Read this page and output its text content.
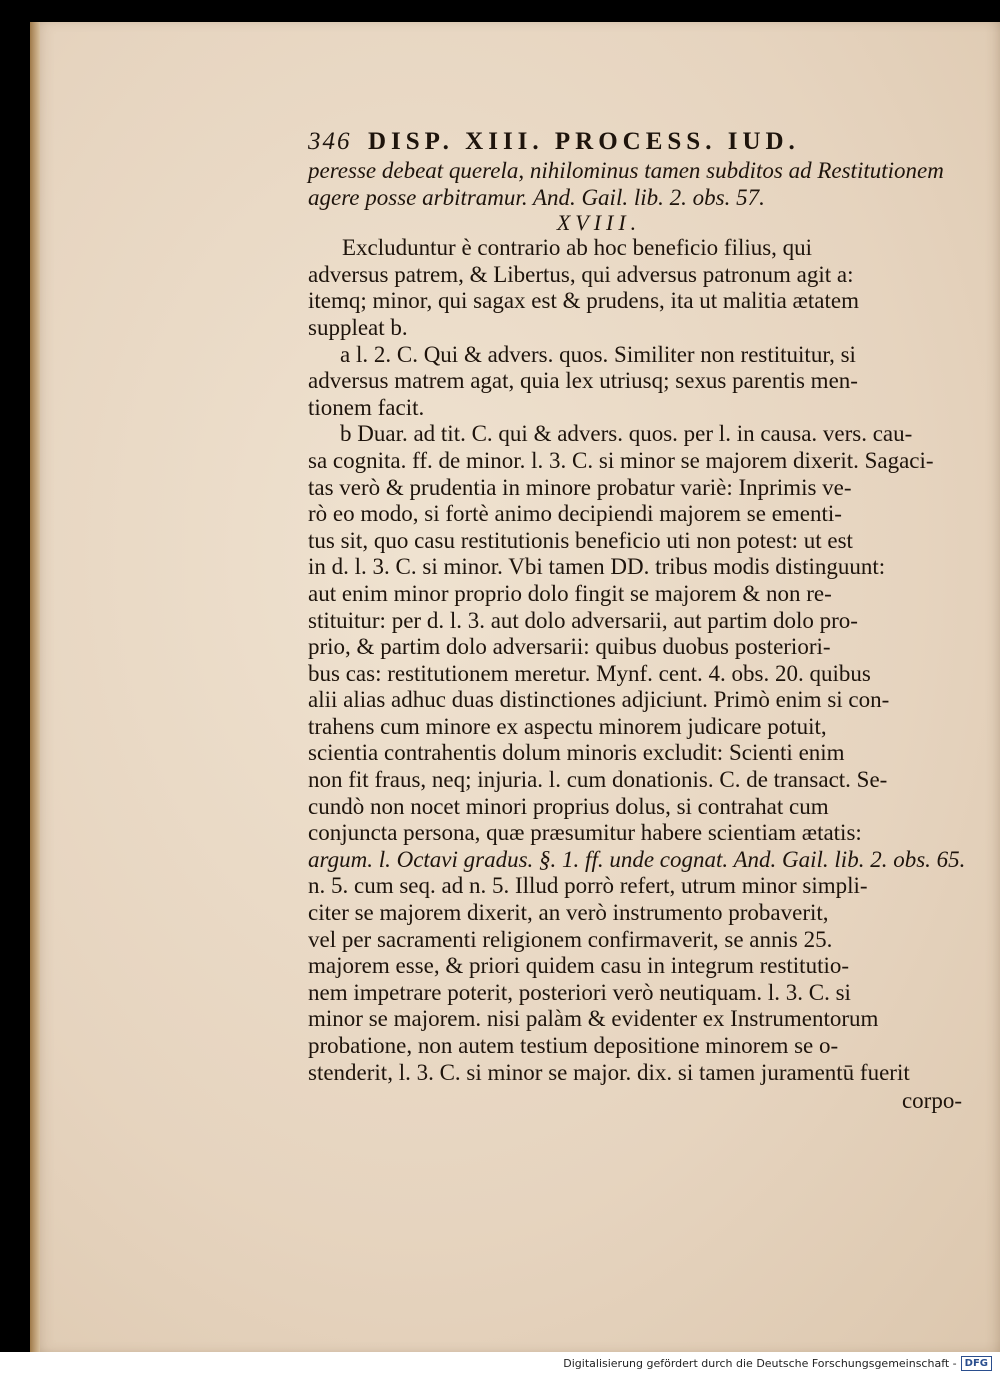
346 DISP. XIII. PROCESS. IUD.
peresse debeat querela, nihilominus tamen subditos ad Restitutionem
agere posse arbitramur. And. Gail. lib. 2. obs. 57.
XVIII.
Excluduntur è contrario ab hoc beneficio filius, qui
adversus patrem, & Libertus, qui adversus patronum agit a:
itemq; minor, qui sagax est & prudens, ita ut malitia ætatem
suppleat b.
a l. 2. C. Qui & advers. quos. Similiter non restituitur, si
adversus matrem agat, quia lex utriusq; sexus parentis men-
tionem facit.
b Duar. ad tit. C. qui & advers. quos. per l. in causa. vers. cau-
sa cognita. ff. de minor. l. 3. C. si minor se majorem dixerit. Sagaci-
tas verò & prudentia in minore probatur variè: Inprimis ve-
rò eo modo, si fortè animo decipiendi majorem se ementi-
tus sit, quo casu restitutionis beneficio uti non potest: ut est
in d. l. 3. C. si minor. Vbi tamen DD. tribus modis distinguunt:
aut enim minor proprio dolo fingit se majorem & non re-
stituitur: per d. l. 3. aut dolo adversarii, aut partim dolo pro-
prio, & partim dolo adversarii: quibus duobus posteriori-
bus cas: restitutionem meretur. Mynf. cent. 4. obs. 20. quibus
alii alias adhuc duas distinctiones adjiciunt. Primò enim si con-
trahens cum minore ex aspectu minorem judicare potuit,
scientia contrahentis dolum minoris excludit: Scienti enim
non fit fraus, neq; injuria. l. cum donationis. C. de transact. Se-
cundò non nocet minori proprius dolus, si contrahat cum
conjuncta persona, quæ præsumitur habere scientiam ætatis:
argum. l. Octavi gradus. §. 1. ff. unde cognat. And. Gail. lib. 2. obs. 65.
n. 5. cum seq. ad n. 5. Illud porrò refert, utrum minor simpli-
citer se majorem dixerit, an verò instrumento probaverit,
vel per sacramenti religionem confirmaverit, se annis 25.
majorem esse, & priori quidem casu in integrum restitutio-
nem impetrare poterit, posteriori verò neutiquam. l. 3. C. si
minor se majorem. nisi palàm & evidenter ex Instrumentorum
probatione, non autem testium depositione minorem se o-
stenderit, l. 3. C. si minor se major. dix. si tamen juramentū fuerit
corpo-
Digitalisierung gefördert durch die Deutsche Forschungsgemeinschaft - DFG
